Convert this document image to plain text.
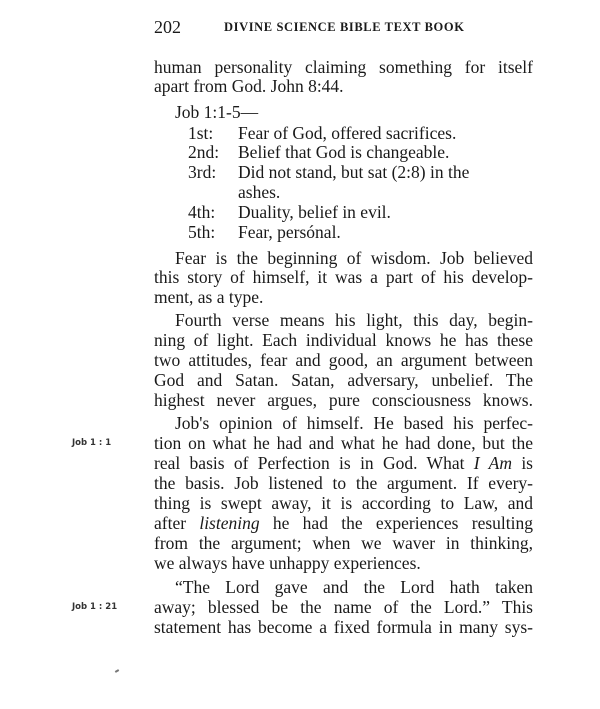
202	DIVINE SCIENCE BIBLE TEXT BOOK
Job 1 : 1
Job 1 : 21
human personality claiming something for itself
apart from God. John 8:44.
Job 1:1-5—
1st: Fear of God, offered sacrifices.
2nd: Belief that God is changeable.
3rd: Did not stand, but sat (2:8) in the
ashes.
4th: Duality, belief in evil.
5th: Fear, persónal.
Fear is the beginning of wisdom. Job believed
this story of himself, it was a part of his develop-
ment, as a type.
Fourth verse means his light, this day, begin-
ning of light. Each individual knows he has these
two attitudes, fear and good, an argument between
God and Satan. Satan, adversary, unbelief. The
highest never argues, pure consciousness knows.
Job's opinion of himself. He based his perfec-
tion on what he had and what he had done, but the
real basis of Perfection is in God. What I Am is
the basis. Job listened to the argument. If every-
thing is swept away, it is according to Law, and
after listening he had the experiences resulting
from the argument; when we waver in thinking,
we always have unhappy experiences.
“The Lord gave and the Lord hath taken
away; blessed be the name of the Lord.” This
statement has become a fixed formula in many sys-
